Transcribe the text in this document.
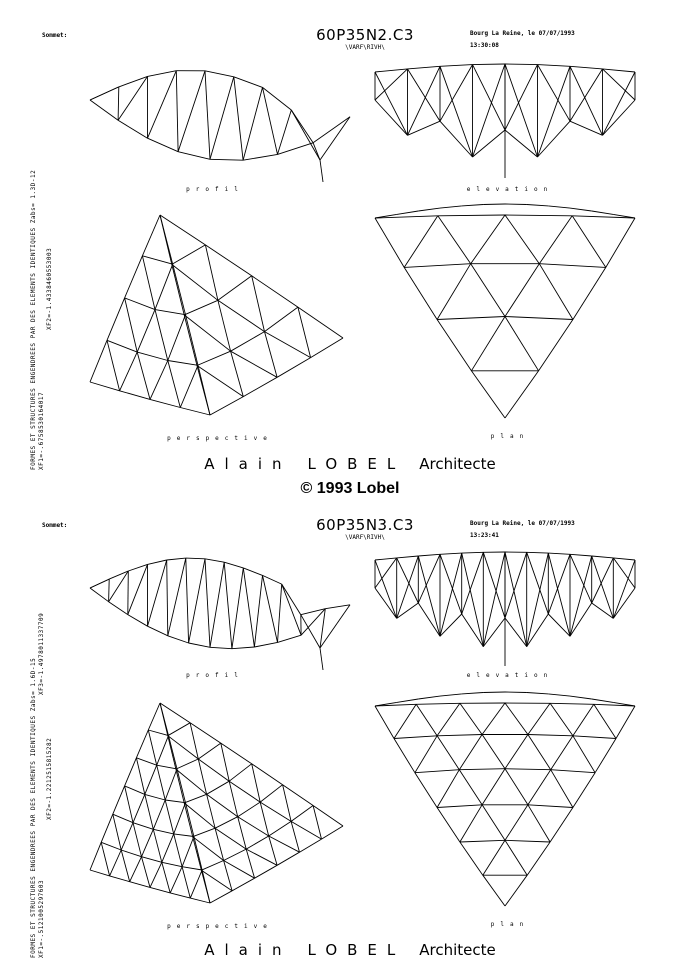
FORMES ET STRUCTURES ENGENDREES PAR DES ELEMENTS IDENTIQUES Zabs= 1.3D-12 XF1=-.6758530164017
XF2=-1.4338460553003
Sommet:	60P35N2.C3
\VARF\RIVH\
Bourg La Reine, le 07/07/1993
13:30:08
profil	elevation
perspective	plan
Alain LOBEL Architecte
© 1993 Lobel
FORMES ET STRUCTURES ENGENDREES PAR DES ELEMENTS IDENTIQUES Zabs= 1.6D-15 XF1=-.5121005297603
XF2=-1.2212515815282
XF3=-1.4978011337709
Sommet:	60P35N3.C3
\VARF\RIVH\
Bourg La Reine, le 07/07/1993
13:23:41
profil	elevation
perspective	plan
Alain LOBEL Architecte
